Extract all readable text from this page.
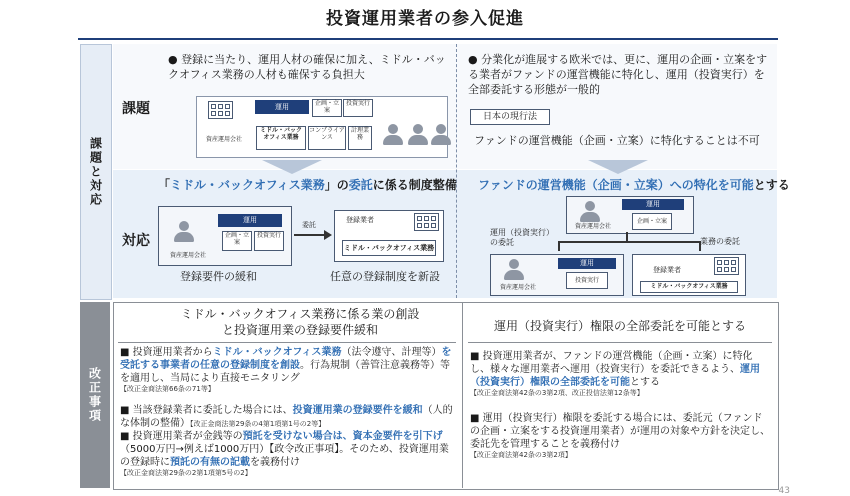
投資運用業者の参入促進
課題と対応
改正事項
● 登録に当たり、運用人材の確保に加え、ミドル・バックオフィス業務の人材も確保する負担大
課題
資産運用会社
運用	企画・立案
投資実行
ミドル・バックオフィス業務
コンプライアンス
計理業務
● 分業化が進展する欧米では、更に、運用の企画・立案をする業者がファンドの運営機能に特化し、運用（投資実行）を全部委託する形態が一般的
日本の現行法
ファンドの運営機能（企画・立案）に特化することは不可
「ミドル・バックオフィス業務」の委託に係る制度整備
対応
資産運用会社
運用
企画・立案
投資実行
委託
登録業者
ミドル・バックオフィス業務
登録要件の緩和	任意の登録制度を新設
ファンドの運営機能（企画・立案）への特化を可能とする
資産運用会社
運用
企画・立案
運用（投資実行）の委託	業務の委託
資産運用会社
運用
投資実行
登録業者
ミドル・バックオフィス業務
ミドル・バックオフィス業務に係る業の創設と投資運用業の登録要件緩和
■ 投資運用業者からミドル・バックオフィス業務（法令遵守、計理等）を受託する事業者の任意の登録制度を創設。行為規制（善管注意義務等）等を適用し、当局により直接モニタリング
【改正金商法第66条の71等】
■ 当該登録業者に委託した場合には、投資運用業の登録要件を緩和（人的な体制の整備）【改正金商法第29条の4第1項第1号の2等】
■ 投資運用業者が金銭等の預託を受けない場合は、資本金要件を引下げ（5000万円→例えば1000万円）【政令改正事項】。そのため、投資運用業の登録時に預託の有無の記載を義務付け
【改正金商法第29条の2第1項第5号の2】
運用（投資実行）権限の全部委託を可能とする
■ 投資運用業者が、ファンドの運営機能（企画・立案）に特化し、様々な運用業者へ運用（投資実行）を委託できるよう、運用（投資実行）権限の全部委託を可能とする
【改正金商法第42条の3第2項、改正投信法第12条等】
■ 運用（投資実行）権限を委託する場合には、委託元（ファンドの企画・立案をする投資運用業者）が運用の対象や方針を決定し、委託先を管理することを義務付け
【改正金商法第42条の3第2項】
43
